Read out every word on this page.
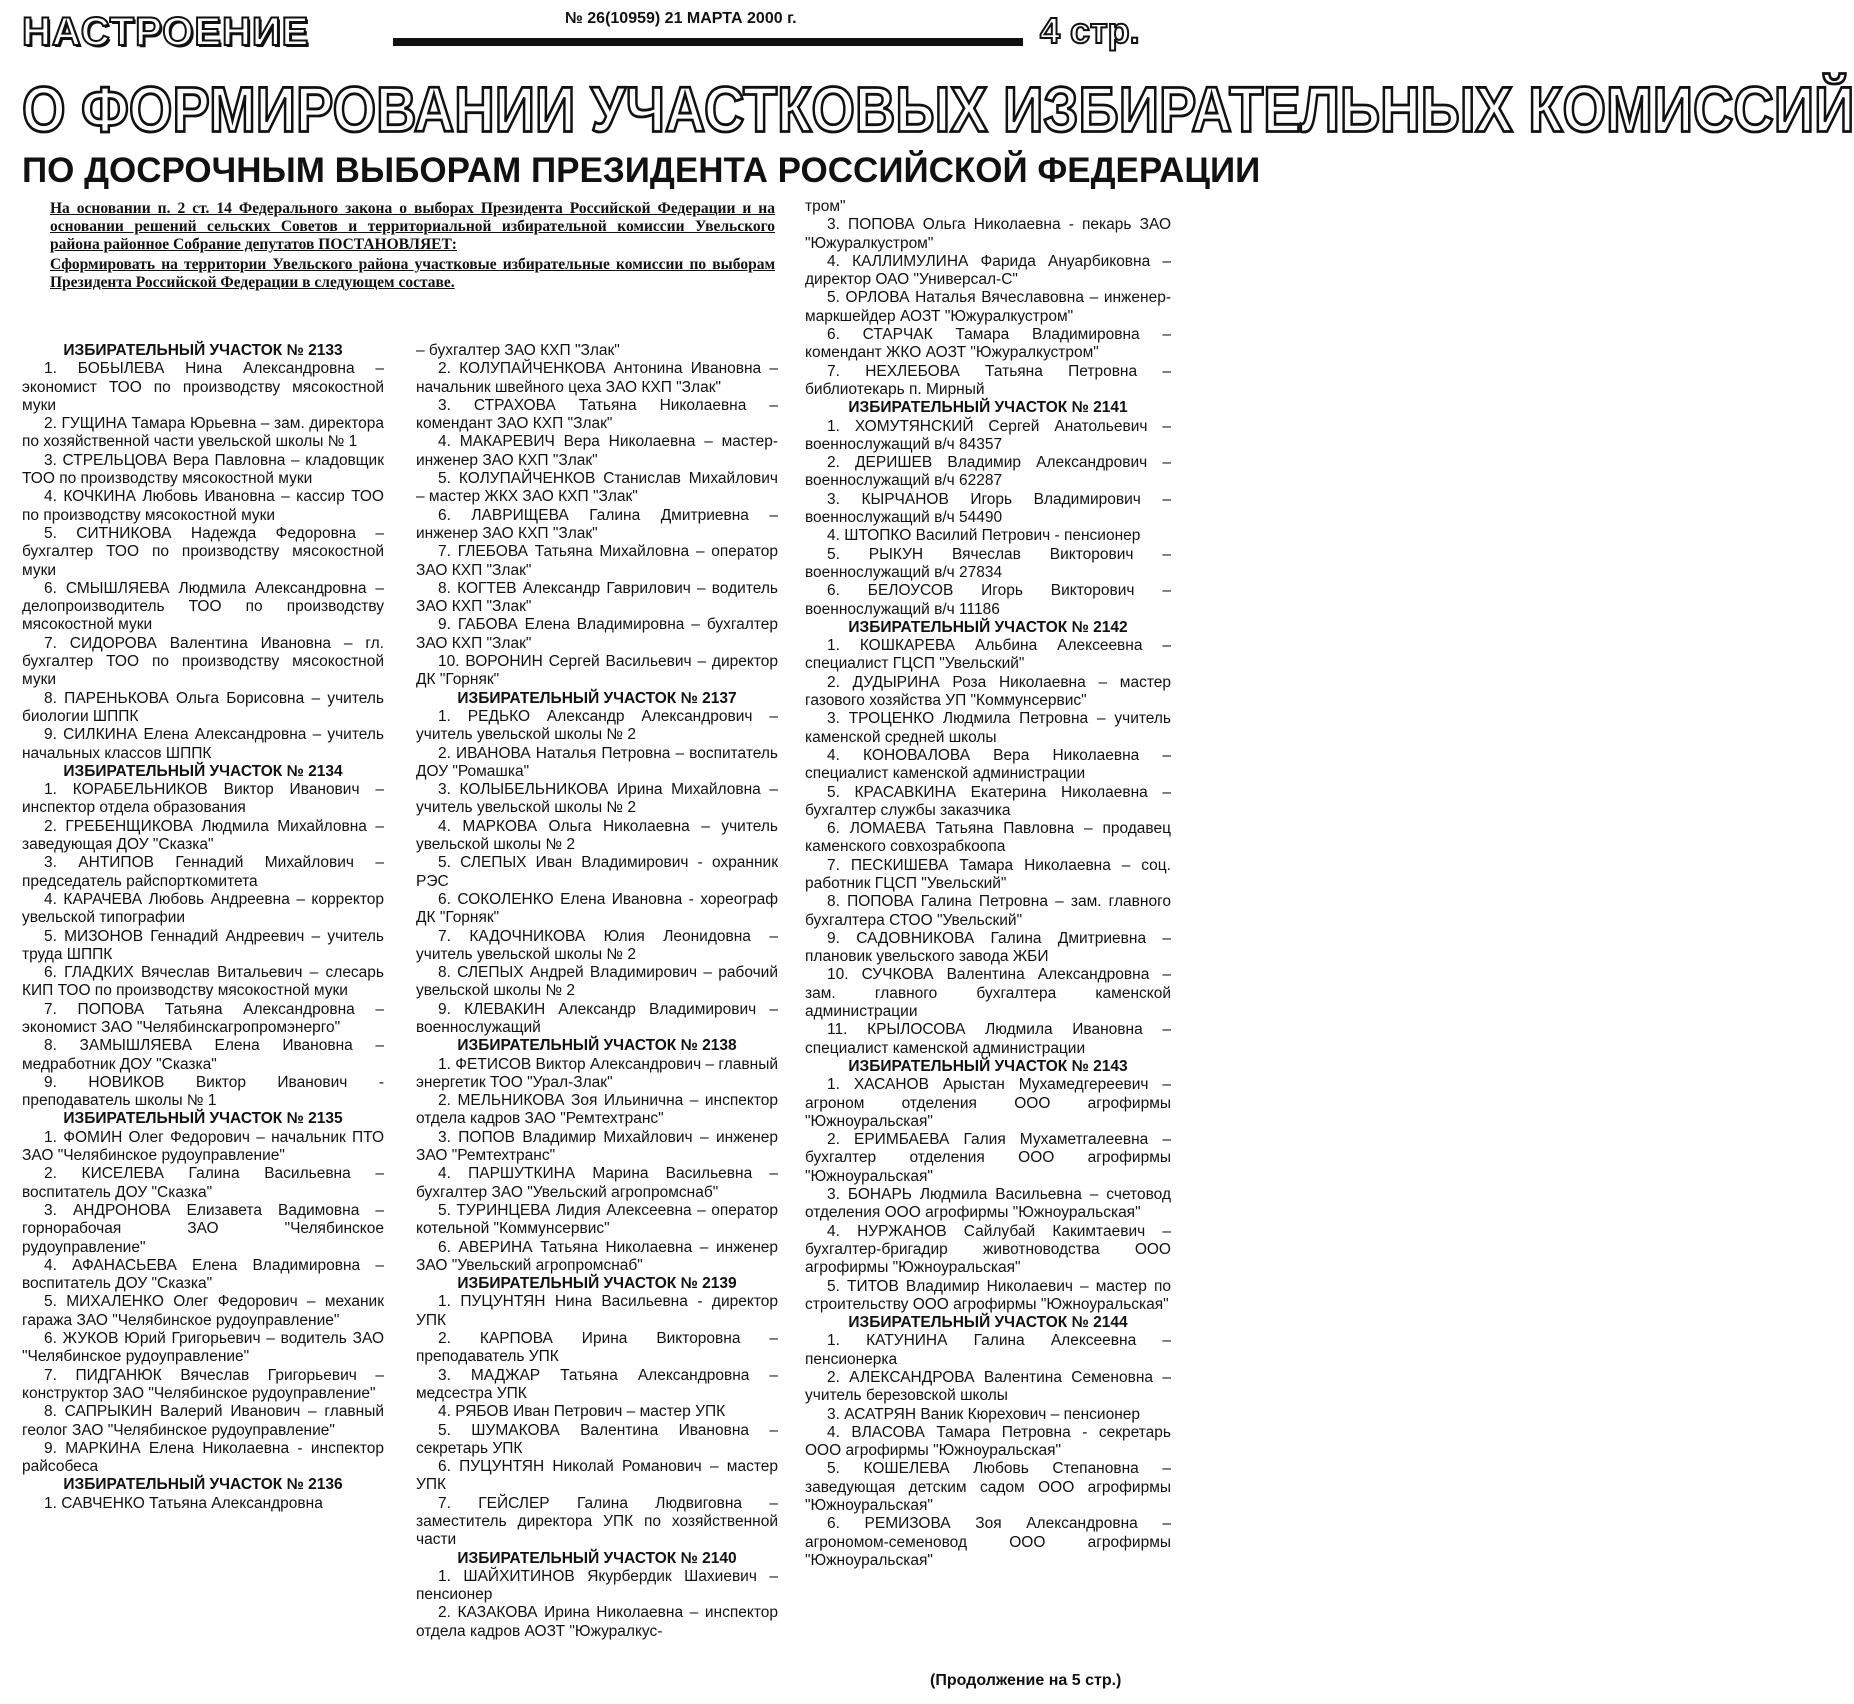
НАСТРОЕНИЕ	№ 26(10959) 21 МАРТА 2000 г.	4 стр.
О ФОРМИРОВАНИИ УЧАСТКОВЫХ ИЗБИРАТЕЛЬНЫХ КОМИССИЙ
ПО ДОСРОЧНЫМ ВЫБОРАМ ПРЕЗИДЕНТА РОССИЙСКОЙ ФЕДЕРАЦИИ

На основании п. 2 ст. 14 Федерального закона о выборах Президента Российской Федерации и на основании решений сельских Советов и территориальной избирательной комиссии Увельского района районное Собрание депутатов ПОСТАНОВЛЯЕТ:

Сформировать на территории Увельского района участковые избирательные комиссии по выборам Президента Российской Федерации в следующем составе.

ИЗБИРАТЕЛЬНЫЙ УЧАСТОК № 2133

1. БОБЫЛЕВА Нина Александровна – экономист ТОО по производству мясокостной муки

2. ГУЩИНА Тамара Юрьевна – зам. директора по хозяйственной части увельской школы № 1

3. СТРЕЛЬЦОВА Вера Павловна – кладовщик ТОО по производству мясокостной муки

4. КОЧКИНА Любовь Ивановна – кассир ТОО по производству мясокостной муки

5. СИТНИКОВА Надежда Федоровна – бухгалтер ТОО по производству мясокостной муки

6. СМЫШЛЯЕВА Людмила Александровна – делопроизводитель ТОО по производству мясокостной муки

7. СИДОРОВА Валентина Ивановна – гл. бухгалтер ТОО по производству мясокостной муки

8. ПАРЕНЬКОВА Ольга Борисовна – учитель биологии ШППК

9. СИЛКИНА Елена Александровна – учитель начальных классов ШППК

ИЗБИРАТЕЛЬНЫЙ УЧАСТОК № 2134

1. КОРАБЕЛЬНИКОВ Виктор Иванович – инспектор отдела образования

2. ГРЕБЕНЩИКОВА Людмила Михайловна – заведующая ДОУ "Сказка"

3. АНТИПОВ Геннадий Михайлович – председатель райспорткомитета

4. КАРАЧЕВА Любовь Андреевна – корректор увельской типографии

5. МИЗОНОВ Геннадий Андреевич – учитель труда ШППК

6. ГЛАДКИХ Вячеслав Витальевич – слесарь КИП ТОО по производству мясокостной муки

7. ПОПОВА Татьяна Александровна – экономист ЗАО "Челябинскагропромэнерго"

8. ЗАМЫШЛЯЕВА Елена Ивановна – медработник ДОУ "Сказка"

9. НОВИКОВ Виктор Иванович - преподаватель школы № 1

ИЗБИРАТЕЛЬНЫЙ УЧАСТОК № 2135

1. ФОМИН Олег Федорович – начальник ПТО ЗАО "Челябинское рудоуправление"

2. КИСЕЛЕВА Галина Васильевна – воспитатель ДОУ "Сказка"

3. АНДРОНОВА Елизавета Вадимовна – горнорабочая ЗАО "Челябинское рудоуправление"

4. АФАНАСЬЕВА Елена Владимировна – воспитатель ДОУ "Сказка"

5. МИХАЛЕНКО Олег Федорович – механик гаража ЗАО "Челябинское рудоуправление"

6. ЖУКОВ Юрий Григорьевич – водитель ЗАО "Челябинское рудоуправление"

7. ПИДГАНЮК Вячеслав Григорьевич – конструктор ЗАО "Челябинское рудоуправление"

8. САПРЫКИН Валерий Иванович – главный геолог ЗАО "Челябинское рудоуправление"

9. МАРКИНА Елена Николаевна - инспектор райсобеса

ИЗБИРАТЕЛЬНЫЙ УЧАСТОК № 2136

1. САВЧЕНКО Татьяна Александровна

– бухгалтер ЗАО КХП "Злак"

2. КОЛУПАЙЧЕНКОВА Антонина Ивановна – начальник швейного цеха ЗАО КХП "Злак"

3. СТРАХОВА Татьяна Николаевна – комендант ЗАО КХП "Злак"

4. МАКАРЕВИЧ Вера Николаевна – мастер-инженер ЗАО КХП "Злак"

5. КОЛУПАЙЧЕНКОВ Станислав Михайлович – мастер ЖКХ ЗАО КХП "Злак"

6. ЛАВРИЩЕВА Галина Дмитриевна – инженер ЗАО КХП "Злак"

7. ГЛЕБОВА Татьяна Михайловна – оператор ЗАО КХП "Злак"

8. КОГТЕВ Александр Гаврилович – водитель ЗАО КХП "Злак"

9. ГАБОВА Елена Владимировна – бухгалтер ЗАО КХП "Злак"

10. ВОРОНИН Сергей Васильевич – директор ДК "Горняк"

ИЗБИРАТЕЛЬНЫЙ УЧАСТОК № 2137

1. РЕДЬКО Александр Александрович – учитель увельской школы № 2

2. ИВАНОВА Наталья Петровна – воспитатель ДОУ "Ромашка"

3. КОЛЫБЕЛЬНИКОВА Ирина Михайловна – учитель увельской школы № 2

4. МАРКОВА Ольга Николаевна – учитель увельской школы № 2

5. СЛЕПЫХ Иван Владимирович - охранник РЭС

6. СОКОЛЕНКО Елена Ивановна - хореограф ДК "Горняк"

7. КАДОЧНИКОВА Юлия Леонидовна – учитель увельской школы № 2

8. СЛЕПЫХ Андрей Владимирович – рабочий увельской школы № 2

9. КЛЕВАКИН Александр Владимирович – военнослужащий

ИЗБИРАТЕЛЬНЫЙ УЧАСТОК № 2138

1. ФЕТИСОВ Виктор Александрович – главный энергетик ТОО "Урал-Злак"

2. МЕЛЬНИКОВА Зоя Ильинична – инспектор отдела кадров ЗАО "Ремтехтранс"

3. ПОПОВ Владимир Михайлович – инженер ЗАО "Ремтехтранс"

4. ПАРШУТКИНА Марина Васильевна – бухгалтер ЗАО "Увельский агропромснаб"

5. ТУРИНЦЕВА Лидия Алексеевна – оператор котельной "Коммунсервис"

6. АВЕРИНА Татьяна Николаевна – инженер ЗАО "Увельский агропромснаб"

ИЗБИРАТЕЛЬНЫЙ УЧАСТОК № 2139

1. ПУЦУНТЯН Нина Васильевна - директор УПК

2. КАРПОВА Ирина Викторовна – преподаватель УПК

3. МАДЖАР Татьяна Александровна – медсестра УПК

4. РЯБОВ Иван Петрович – мастер УПК

5. ШУМАКОВА Валентина Ивановна – секретарь УПК

6. ПУЦУНТЯН Николай Романович – мастер УПК

7. ГЕЙСЛЕР Галина Людвиговна – заместитель директора УПК по хозяйственной части

ИЗБИРАТЕЛЬНЫЙ УЧАСТОК № 2140

1. ШАЙХИТИНОВ Якурбердик Шахиевич – пенсионер

2. КАЗАКОВА Ирина Николаевна – инспектор отдела кадров АОЗТ "Южуралкус-

тром"

3. ПОПОВА Ольга Николаевна - пекарь ЗАО "Южуралкустром"

4. КАЛЛИМУЛИНА Фарида Ануарбиковна – директор ОАО "Универсал-С"

5. ОРЛОВА Наталья Вячеславовна – инженер-маркшейдер АОЗТ "Южуралкустром"

6. СТАРЧАК Тамара Владимировна – комендант ЖКО АОЗТ "Южуралкустром"

7. НЕХЛЕБОВА Татьяна Петровна – библиотекарь п. Мирный

ИЗБИРАТЕЛЬНЫЙ УЧАСТОК № 2141

1. ХОМУТЯНСКИЙ Сергей Анатольевич – военнослужащий в/ч 84357

2. ДЕРИШЕВ Владимир Александрович – военнослужащий в/ч 62287

3. КЫРЧАНОВ Игорь Владимирович – военнослужащий в/ч 54490

4. ШТОПКО Василий Петрович - пенсионер

5. РЫКУН Вячеслав Викторович – военнослужащий в/ч 27834

6. БЕЛОУСОВ Игорь Викторович – военнослужащий в/ч 11186

ИЗБИРАТЕЛЬНЫЙ УЧАСТОК № 2142

1. КОШКАРЕВА Альбина Алексеевна – специалист ГЦСП "Увельский"

2. ДУДЫРИНА Роза Николаевна – мастер газового хозяйства УП "Коммунсервис"

3. ТРОЦЕНКО Людмила Петровна – учитель каменской средней школы

4. КОНОВАЛОВА Вера Николаевна – специалист каменской администрации

5. КРАСАВКИНА Екатерина Николаевна – бухгалтер службы заказчика

6. ЛОМАЕВА Татьяна Павловна – продавец каменского совхозрабкоопа

7. ПЕСКИШЕВА Тамара Николаевна – соц. работник ГЦСП "Увельский"

8. ПОПОВА Галина Петровна – зам. главного бухгалтера СТОО "Увельский"

9. САДОВНИКОВА Галина Дмитриевна – плановик увельского завода ЖБИ

10. СУЧКОВА Валентина Александровна – зам. главного бухгалтера каменской администрации

11. КРЫЛОСОВА Людмила Ивановна – специалист каменской администрации

ИЗБИРАТЕЛЬНЫЙ УЧАСТОК № 2143

1. ХАСАНОВ Арыстан Мухамедгереевич – агроном отделения ООО агрофирмы "Южноуральская"

2. ЕРИМБАЕВА Галия Мухаметгалеевна – бухгалтер отделения ООО агрофирмы "Южноуральская"

3. БОНАРЬ Людмила Васильевна – счетовод отделения ООО агрофирмы "Южноуральская"

4. НУРЖАНОВ Сайлубай Какимтаевич – бухгалтер-бригадир животноводства ООО агрофирмы "Южноуральская"

5. ТИТОВ Владимир Николаевич – мастер по строительству ООО агрофирмы "Южноуральская"

ИЗБИРАТЕЛЬНЫЙ УЧАСТОК № 2144

1. КАТУНИНА Галина Алексеевна – пенсионерка

2. АЛЕКСАНДРОВА Валентина Семеновна – учитель березовской школы

3. АСАТРЯН Ваник Кюрехович – пенсионер

4. ВЛАСОВА Тамара Петровна - секретарь ООО агрофирмы "Южноуральская"

5. КОШЕЛЕВА Любовь Степановна – заведующая детским садом ООО агрофирмы "Южноуральская"

6. РЕМИЗОВА Зоя Александровна – агрономом-семеновод ООО агрофирмы "Южноуральская"

(Продолжение на 5 стр.)
